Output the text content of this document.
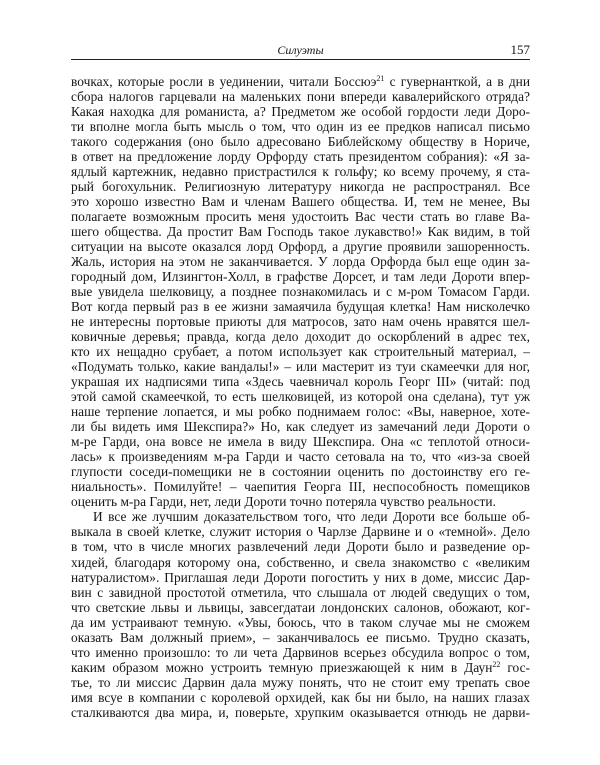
Силуэты	157
вочках, которые росли в уединении, читали Боссюэ$^{21}$ с гувернанткой, а в дни
сбора налогов гарцевали на маленьких пони впереди кавалерийского отряда?
Какая находка для романиста, а? Предметом же особой гордости леди Доро-
ти вполне могла быть мысль о том, что один из ее предков написал письмо
такого содержания (оно было адресовано Библейскому обществу в Нориче,
в ответ на предложение лорду Орфорду стать президентом собрания): «Я за-
ядлый картежник, недавно пристрастился к гольфу; ко всему прочему, я ста-
рый богохульник. Религиозную литературу никогда не распространял. Все
это хорошо известно Вам и членам Вашего общества. И, тем не менее, Вы
полагаете возможным просить меня удостоить Вас чести стать во главе Ва-
шего общества. Да простит Вам Господь такое лукавство!» Как видим, в той
ситуации на высоте оказался лорд Орфорд, а другие проявили зашоренность.
Жаль, история на этом не заканчивается. У лорда Орфорда был еще один за-
городный дом, Илзингтон-Холл, в графстве Дорсет, и там леди Дороти впер-
вые увидела шелковицу, а позднее познакомилась и с м-ром Томасом Гарди.
Вот когда первый раз в ее жизни замаячила будущая клетка! Нам нисколечко
не интересны портовые приюты для матросов, зато нам очень нравятся шел-
ковичные деревья; правда, когда дело доходит до оскорблений в адрес тех,
кто их нещадно срубает, а потом использует как строительный материал, –
«Подумать только, какие вандалы!» – или мастерит из туи скамеечки для ног,
украшая их надписями типа «Здесь чаевничал король Георг III» (читай: под
этой самой скамеечкой, то есть шелковицей, из которой она сделана), тут уж
наше терпение лопается, и мы робко поднимаем голос: «Вы, наверное, хоте-
ли бы видеть имя Шекспира?» Но, как следует из замечаний леди Дороти о
м-ре Гарди, она вовсе не имела в виду Шекспира. Она «с теплотой относи-
лась» к произведениям м-ра Гарди и часто сетовала на то, что «из-за своей
глупости соседи-помещики не в состоянии оценить по достоинству его ге-
ниальность». Помилуйте! – чаепития Георга III, неспособность помещиков
оценить м-ра Гарди, нет, леди Дороти точно потеряла чувство реальности.
И все же лучшим доказательством того, что леди Дороти все больше об-
выкала в своей клетке, служит история о Чарлзе Дарвине и о «темной». Дело
в том, что в числе многих развлечений леди Дороти было и разведение ор-
хидей, благодаря которому она, собственно, и свела знакомство с «великим
натуралистом». Приглашая леди Дороти погостить у них в доме, миссис Дар-
вин с завидной простотой отметила, что слышала от людей сведущих о том,
что светские львы и львицы, завсегдатаи лондонских салонов, обожают, ког-
да им устраивают темную. «Увы, боюсь, что в таком случае мы не сможем
оказать Вам должный прием», – заканчивалось ее письмо. Трудно сказать,
что именно произошло: то ли чета Дарвинов всерьез обсудила вопрос о том,
каким образом можно устроить темную приезжающей к ним в Даун$^{22}$ гос-
тье, то ли миссис Дарвин дала мужу понять, что не стоит ему трепать свое
имя всуе в компании с королевой орхидей, как бы ни было, на наших глазах
сталкиваются два мира, и, поверьте, хрупким оказывается отнюдь не дарви-
